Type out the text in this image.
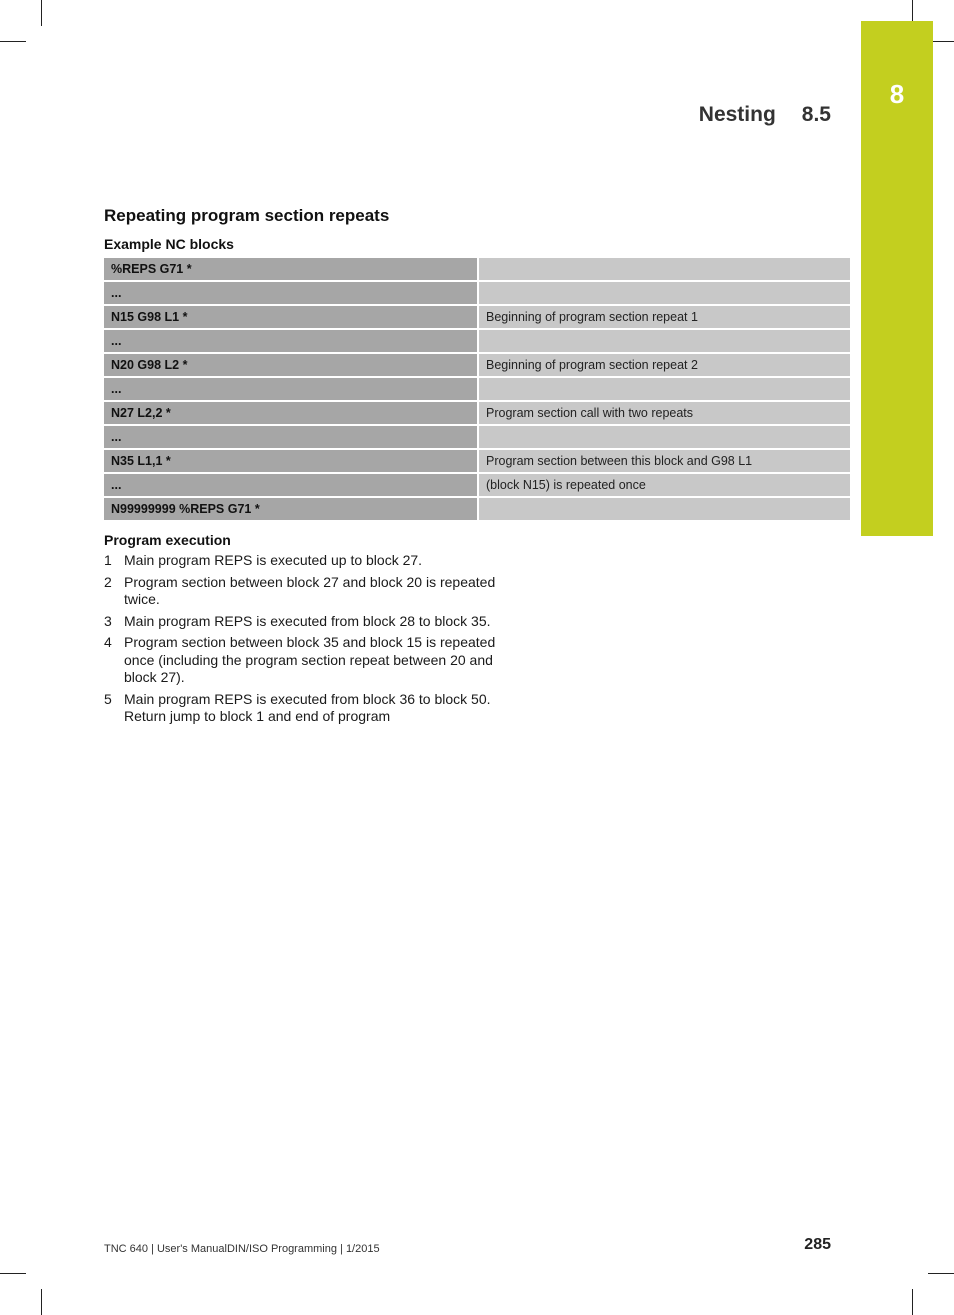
8
Nesting 8.5
Repeating program section repeats
Example NC blocks
%REPS G71 *	
...	
N15 G98 L1 *	Beginning of program section repeat 1
...	
N20 G98 L2 *	Beginning of program section repeat 2
...	
N27 L2,2 *	Program section call with two repeats
...	
N35 L1,1 *	Program section between this block and G98 L1
...	(block N15) is repeated once
N99999999 %REPS G71 *	
Program execution
1 Main program REPS is executed up to block 27.
2 Program section between block 27 and block 20 is repeated twice.
3 Main program REPS is executed from block 28 to block 35.
4 Program section between block 35 and block 15 is repeated once (including the program section repeat between 20 and block 27).
5 Main program REPS is executed from block 36 to block 50. Return jump to block 1 and end of program
TNC 640 | User's ManualDIN/ISO Programming | 1/2015	285
